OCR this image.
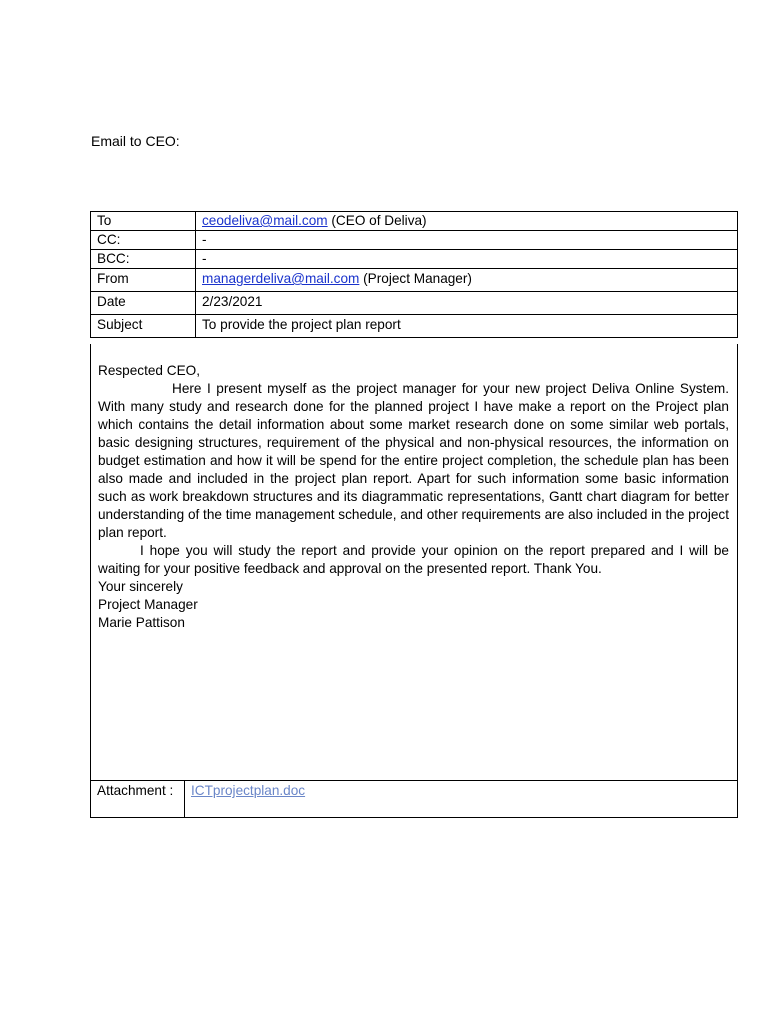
Email to CEO:
To	ceodeliva@mail.com (CEO of Deliva)
CC:	-
BCC:	-
From	managerdeliva@mail.com (Project Manager)
Date	2/23/2021
Subject	To provide the project plan report

Respected CEO,

Here I present myself as the project manager for your new project Deliva Online System. With many study and research done for the planned project I have make a report on the Project plan which contains the detail information about some market research done on some similar web portals, basic designing structures, requirement of the physical and non-physical resources, the information on budget estimation and how it will be spend for the entire project completion, the schedule plan has been also made and included in the project plan report. Apart for such information some basic information such as work breakdown structures and its diagrammatic representations, Gantt chart diagram for better understanding of the time management schedule, and other requirements are also included in the project plan report.

I hope you will study the report and provide your opinion on the report prepared and I will be waiting for your positive feedback and approval on the presented report. Thank You.

Your sincerely

Project Manager

Marie Pattison

Attachment :	ICTprojectplan.doc
